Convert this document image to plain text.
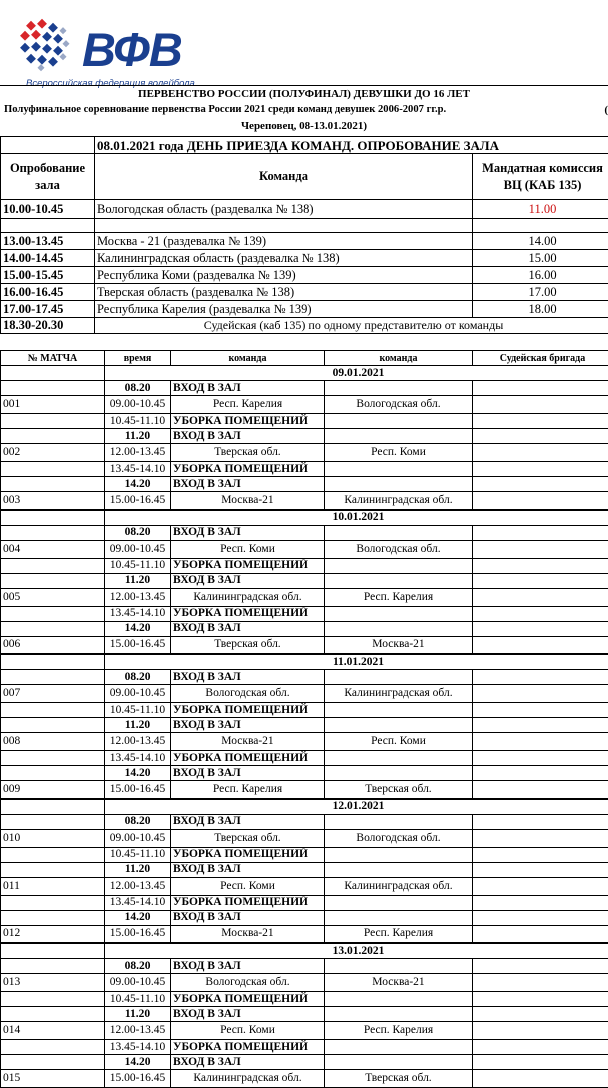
ВФВ
Всероссийская федерация волейбола
ПЕРВЕНСТВО РОССИИ (ПОЛУФИНАЛ) ДЕВУШКИ ДО 16 ЛЕТ
Полуфинальное соревнование первенства России 2021 среди команд девушек 2006-2007 гг.р.	(
Череповец, 08-13.01.2021)
	08.01.2021 года ДЕНЬ ПРИЕЗДА КОМАНД. ОПРОБОВАНИЕ ЗАЛА	
Опробование зала	Команда	Мандатная комиссия
ВЦ (КАБ 135)

10.00-10.45	Вологодская область (раздевалка № 138)	11.00

13.00-13.45	Москва - 21 (раздевалка № 139)	14.00
14.00-14.45	Калининградская область (раздевалка № 138)	15.00
15.00-15.45	Республика Коми (раздевалка № 139)	16.00
16.00-16.45	Тверская область (раздевалка № 138)	17.00
17.00-17.45	Республика Карелия (раздевалка № 139)	18.00
18.30-20.30	Судейская (каб 135) по одному представителю от команды	
№ МАТЧА	время	команда	команда	Судейская бригада
	09.01.2021			
	08.20	ВХОД В ЗАЛ		
001	09.00-10.45	Респ. Карелия	Вологодская обл.	
	10.45-11.10	УБОРКА ПОМЕЩЕНИЙ		
	11.20	ВХОД В ЗАЛ		
002	12.00-13.45	Тверская обл.	Респ. Коми	
	13.45-14.10	УБОРКА ПОМЕЩЕНИЙ		
	14.20	ВХОД В ЗАЛ		
003	15.00-16.45	Москва-21	Калининградская обл.	
	10.01.2021			
	08.20	ВХОД В ЗАЛ		
004	09.00-10.45	Респ. Коми	Вологодская обл.	
	10.45-11.10	УБОРКА ПОМЕЩЕНИЙ		
	11.20	ВХОД В ЗАЛ		
005	12.00-13.45	Калининградская обл.	Респ. Карелия	
	13.45-14.10	УБОРКА ПОМЕЩЕНИЙ		
	14.20	ВХОД В ЗАЛ		
006	15.00-16.45	Тверская обл.	Москва-21	
	11.01.2021			
	08.20	ВХОД В ЗАЛ		
007	09.00-10.45	Вологодская обл.	Калининградская обл.	
	10.45-11.10	УБОРКА ПОМЕЩЕНИЙ		
	11.20	ВХОД В ЗАЛ		
008	12.00-13.45	Москва-21	Респ. Коми	
	13.45-14.10	УБОРКА ПОМЕЩЕНИЙ		
	14.20	ВХОД В ЗАЛ		
009	15.00-16.45	Респ. Карелия	Тверская обл.	
	12.01.2021			
	08.20	ВХОД В ЗАЛ		
010	09.00-10.45	Тверская обл.	Вологодская обл.	
	10.45-11.10	УБОРКА ПОМЕЩЕНИЙ		
	11.20	ВХОД В ЗАЛ		
011	12.00-13.45	Респ. Коми	Калининградская обл.	
	13.45-14.10	УБОРКА ПОМЕЩЕНИЙ		
	14.20	ВХОД В ЗАЛ		
012	15.00-16.45	Москва-21	Респ. Карелия	
	13.01.2021			
	08.20	ВХОД В ЗАЛ		
013	09.00-10.45	Вологодская обл.	Москва-21	
	10.45-11.10	УБОРКА ПОМЕЩЕНИЙ		
	11.20	ВХОД В ЗАЛ		
014	12.00-13.45	Респ. Коми	Респ. Карелия	
	13.45-14.10	УБОРКА ПОМЕЩЕНИЙ		
	14.20	ВХОД В ЗАЛ		
015	15.00-16.45	Калининградская обл.	Тверская обл.	
